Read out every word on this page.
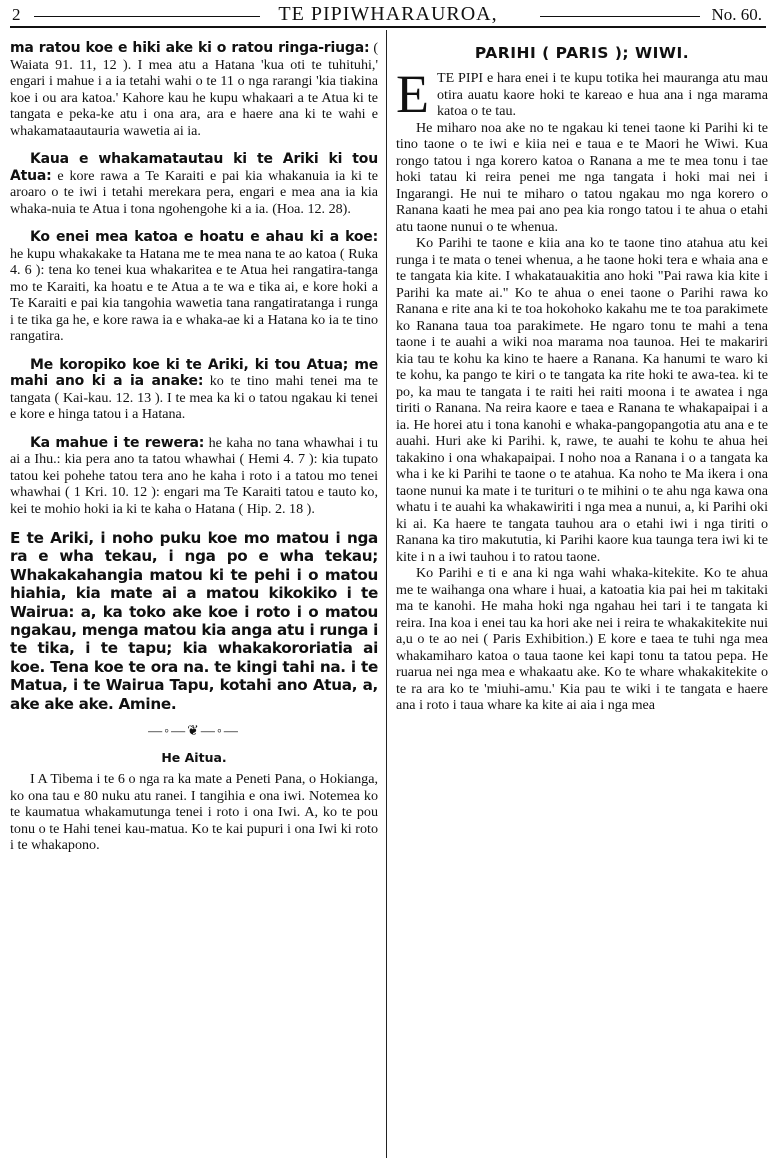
2	TE PIPIWHARAUROA,	No. 60.

ma ratou koe e hiki ake ki o ratou ringa-riuga: ( Waiata 91. 11, 12 ). I mea atu a Hatana 'kua oti te tuhituhi,' engari i mahue i a ia tetahi wahi o te 11 o nga rarangi 'kia tiakina koe i ou ara katoa.' Kahore kau he kupu whakaari a te Atua ki te tangata e peka-ke atu i ona ara, ara e haere ana ki te wahi e whakamataautauria wawetia ai ia.

Kaua e whakamatautau ki te Ariki ki tou Atua: e kore rawa a Te Karaiti e pai kia whakanuia ia ki te aroaro o te iwi i tetahi merekara pera, engari e mea ana ia kia whaka-nuia te Atua i tona ngohengohe ki a ia. (Hoa. 12. 28).

Ko enei mea katoa e hoatu e ahau ki a koe: he kupu whakakake ta Hatana me te mea nana te ao katoa ( Ruka 4. 6 ): tena ko tenei kua whakaritea e te Atua hei rangatira-tanga mo te Karaiti, ka hoatu e te Atua a te wa e tika ai, e kore hoki a Te Karaiti e pai kia tangohia wawetia tana rangatiratanga i runga i te tika ga he, e kore rawa ia e whaka-ae ki a Hatana ko ia te tino rangatira.

Me koropiko koe ki te Ariki, ki tou Atua; me mahi ano ki a ia anake: ko te tino mahi tenei ma te tangata ( Kai-kau. 12. 13 ). I te mea ka ki o tatou ngakau ki tenei e kore e hinga tatou i a Hatana.

Ka mahue i te rewera: he kaha no tana whawhai i tu ai a Ihu.: kia pera ano ta tatou whawhai ( Hemi 4. 7 ): kia tupato tatou kei pohehe tatou tera ano he kaha i roto i a tatou mo tenei whawhai ( 1 Kri. 10. 12 ): engari ma Te Karaiti tatou e tauto ko, kei te mohio hoki ia ki te kaha o Hatana ( Hip. 2. 18 ).

E te Ariki, i noho puku koe mo matou i nga ra e wha tekau, i nga po e wha tekau; Whakakahangia matou ki te pehi i o matou hiahia, kia mate ai a matou kikokiko i te Wairua: a, ka toko ake koe i roto i o matou ngakau, menga matou kia anga atu i runga i te tika, i te tapu; kia whakakororiatia ai koe. Tena koe te ora na. te kingi tahi na. i te Matua, i te Wairua Tapu, kotahi ano Atua, a, ake ake ake. Amine.

—◦—❦—◦—
He Aitua.

I A Tibema i te 6 o nga ra ka mate a Peneti Pana, o Hokianga, ko ona tau e 80 nuku atu ranei. I tangihia e ona iwi. Notemea ko te kaumatua whakamutunga tenei i roto i ona Iwi. A, ko te pou tonu o te Hahi tenei kau-matua. Ko te kai pupuri i ona Iwi ki roto i te whakapono.

PARIHI ( PARIS ); WIWI.
E TE PIPI e hara enei i te kupu totika hei mauranga atu mau otira auatu kaore hoki te kareao e hua ana i nga marama katoa o te tau.

He miharo noa ake no te ngakau ki tenei taone ki Parihi ki te tino taone o te iwi e kiia nei e taua e te Maori he Wiwi. Kua rongo tatou i nga korero katoa o Ranana a me te mea tonu i tae hoki tatau ki reira penei me nga tangata i hoki mai nei i Ingarangi. He nui te miharo o tatou ngakau mo nga korero o Ranana kaati he mea pai ano pea kia rongo tatou i te ahua o etahi atu taone nunui o te whenua.

Ko Parihi te taone e kiia ana ko te taone tino atahua atu kei runga i te mata o tenei whenua, a he taone hoki tera e whaia ana e te tangata kia kite. I whakatauakitia ano hoki "Pai rawa kia kite i Parihi ka mate ai." Ko te ahua o enei taone o Parihi rawa ko Ranana e rite ana ki te toa hokohoko kakahu me te toa parakimete ko Ranana taua toa parakimete. He ngaro tonu te mahi a tena taone i te auahi a wiki noa marama noa taunoa. Hei te makariri kia tau te kohu ka kino te haere a Ranana. Ka hanumi te waro ki te kohu, ka pango te kiri o te tangata ka rite hoki te awa-tea. ki te po, ka mau te tangata i te raiti hei raiti moona i te awatea i nga tiriti o Ranana. Na reira kaore e taea e Ranana te whakapaipai i a ia. He horei atu i tona kanohi e whaka-pangopangotia atu ana e te auahi. Huri ake ki Parihi. k, rawe, te auahi te kohu te ahua hei takakino i ona whakapaipai. I noho noa a Ranana i o a tangata ka wha i ke ki Parihi te taone o te atahua. Ka noho te Ma ikera i ona taone nunui ka mate i te turituri o te mihini o te ahu nga kawa ona whatu i te auahi ka whakawiriti i nga mea a nunui, a, ki Parihi oki ki ai. Ka haere te tangata tauhou ara o etahi iwi i nga tiriti o Ranana ka tiro makututia, ki Parihi kaore kua taunga tera iwi ki te kite i n a iwi tauhou i to ratou taone.

Ko Parihi e ti e ana ki nga wahi whaka-kitekite. Ko te ahua me te waihanga ona whare i huai, a katoatia kia pai hei m takitaki ma te kanohi. He maha hoki nga ngahau hei tari i te tangata ki reira. Ina koa i enei tau ka hori ake nei i reira te whakakitekite nui a,u o te ao nei ( Paris Exhibition.) E kore e taea te tuhi nga mea whakamiharo katoa o taua taone kei kapi tonu ta tatou pepa. He ruarua nei nga mea e whakaatu ake. Ko te whare whakakitekite o te ra ara ko te 'miuhi-amu.' Kia pau te wiki i te tangata e haere ana i roto i taua whare ka kite ai aia i nga mea
